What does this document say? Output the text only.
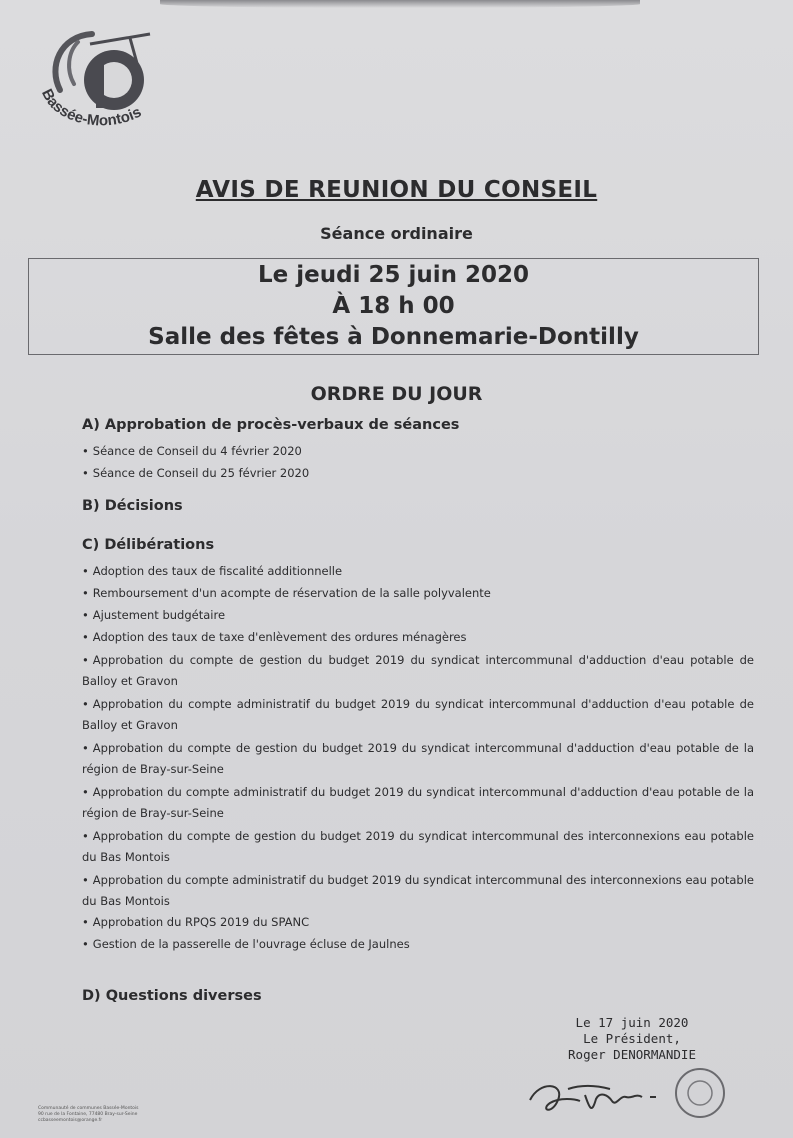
Bassée-Montois
AVIS DE REUNION DU CONSEIL
Séance ordinaire
Le jeudi 25 juin 2020
À 18 h 00
Salle des fêtes à Donnemarie-Dontilly
ORDRE DU JOUR
A) Approbation de procès-verbaux de séances
• Séance de Conseil du 4 février 2020
• Séance de Conseil du 25 février 2020
B) Décisions
C) Délibérations
• Adoption des taux de fiscalité additionnelle
• Remboursement d'un acompte de réservation de la salle polyvalente
• Ajustement budgétaire
• Adoption des taux de taxe d'enlèvement des ordures ménagères
• Approbation du compte de gestion du budget 2019 du syndicat intercommunal d'adduction d'eau potable de Balloy et Gravon
• Approbation du compte administratif du budget 2019 du syndicat intercommunal d'adduction d'eau potable de Balloy et Gravon
• Approbation du compte de gestion du budget 2019 du syndicat intercommunal d'adduction d'eau potable de la région de Bray-sur-Seine
• Approbation du compte administratif du budget 2019 du syndicat intercommunal d'adduction d'eau potable de la région de Bray-sur-Seine
• Approbation du compte de gestion du budget 2019 du syndicat intercommunal des interconnexions eau potable du Bas Montois
• Approbation du compte administratif du budget 2019 du syndicat intercommunal des interconnexions eau potable du Bas Montois
• Approbation du RPQS 2019 du SPANC
• Gestion de la passerelle de l'ouvrage écluse de Jaulnes
D) Questions diverses
Le 17 juin 2020
Le Président,
Roger DENORMANDIE
Communauté de communes Bassée-Montois
90 rue de la Fontaine, 77480 Bray-sur-Seine
ccbasseemontois@orange.fr
